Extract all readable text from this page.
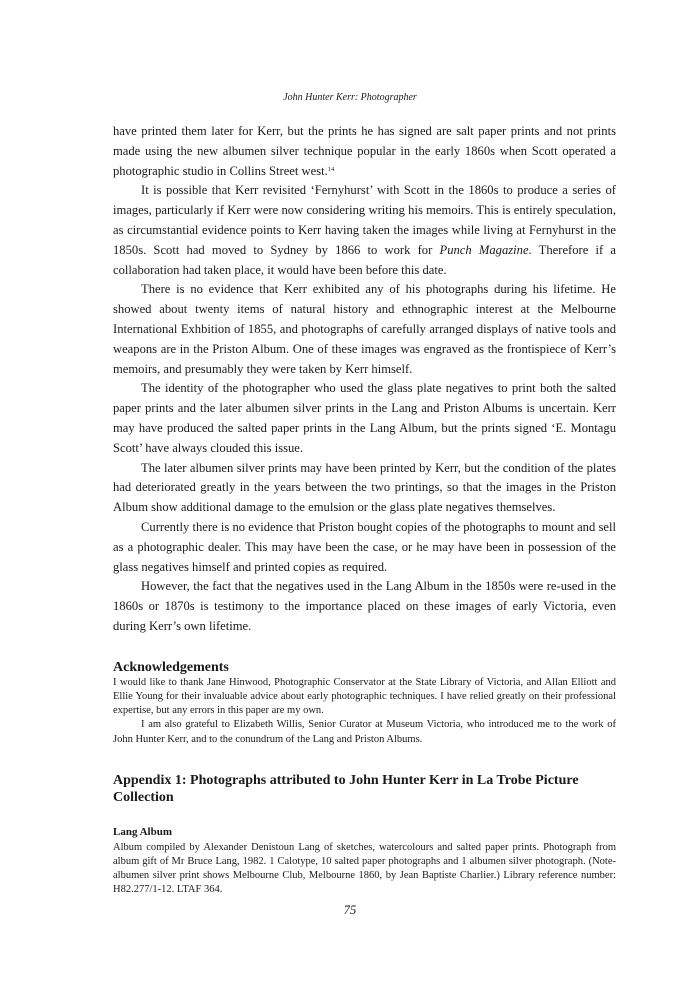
John Hunter Kerr: Photographer

have printed them later for Kerr, but the prints he has signed are salt paper prints and not prints made using the new albumen silver technique popular in the early 1860s when Scott operated a photographic studio in Collins Street west.$^{14}$

It is possible that Kerr revisited ‘Fernyhurst’ with Scott in the 1860s to produce a series of images, particularly if Kerr were now considering writing his memoirs. This is entirely speculation, as circumstantial evidence points to Kerr having taken the images while living at Fernyhurst in the 1850s. Scott had moved to Sydney by 1866 to work for Punch Magazine. Therefore if a collaboration had taken place, it would have been before this date.

There is no evidence that Kerr exhibited any of his photographs during his lifetime. He showed about twenty items of natural history and ethnographic interest at the Melbourne International Exhbition of 1855, and photographs of carefully arranged displays of native tools and weapons are in the Priston Album. One of these images was engraved as the frontispiece of Kerr’s memoirs, and presumably they were taken by Kerr himself.

The identity of the photographer who used the glass plate negatives to print both the salted paper prints and the later albumen silver prints in the Lang and Priston Albums is uncertain. Kerr may have produced the salted paper prints in the Lang Album, but the prints signed ‘E. Montagu Scott’ have always clouded this issue.

The later albumen silver prints may have been printed by Kerr, but the condition of the plates had deteriorated greatly in the years between the two printings, so that the images in the Priston Album show additional damage to the emulsion or the glass plate negatives themselves.

Currently there is no evidence that Priston bought copies of the photographs to mount and sell as a photographic dealer. This may have been the case, or he may have been in possession of the glass negatives himself and printed copies as required.

However, the fact that the negatives used in the Lang Album in the 1850s were re-used in the 1860s or 1870s is testimony to the importance placed on these images of early Victoria, even during Kerr’s own lifetime.

Acknowledgements

I would like to thank Jane Hinwood, Photographic Conservator at the State Library of Victoria, and Allan Elliott and Ellie Young for their invaluable advice about early photographic techniques. I have relied greatly on their professional expertise, but any errors in this paper are my own.

I am also grateful to Elizabeth Willis, Senior Curator at Museum Victoria, who introduced me to the work of John Hunter Kerr, and to the conundrum of the Lang and Priston Albums.

Appendix 1: Photographs attributed to John Hunter Kerr in La Trobe Picture Collection
Lang Album

Album compiled by Alexander Denistoun Lang of sketches, watercolours and salted paper prints. Photograph from album gift of Mr Bruce Lang, 1982. 1 Calotype, 10 salted paper photographs and 1 albumen silver photograph. (Note- albumen silver print shows Melbourne Club, Melbourne 1860, by Jean Baptiste Charlier.) Library reference number: H82.277/1-12. LTAF 364.

75
